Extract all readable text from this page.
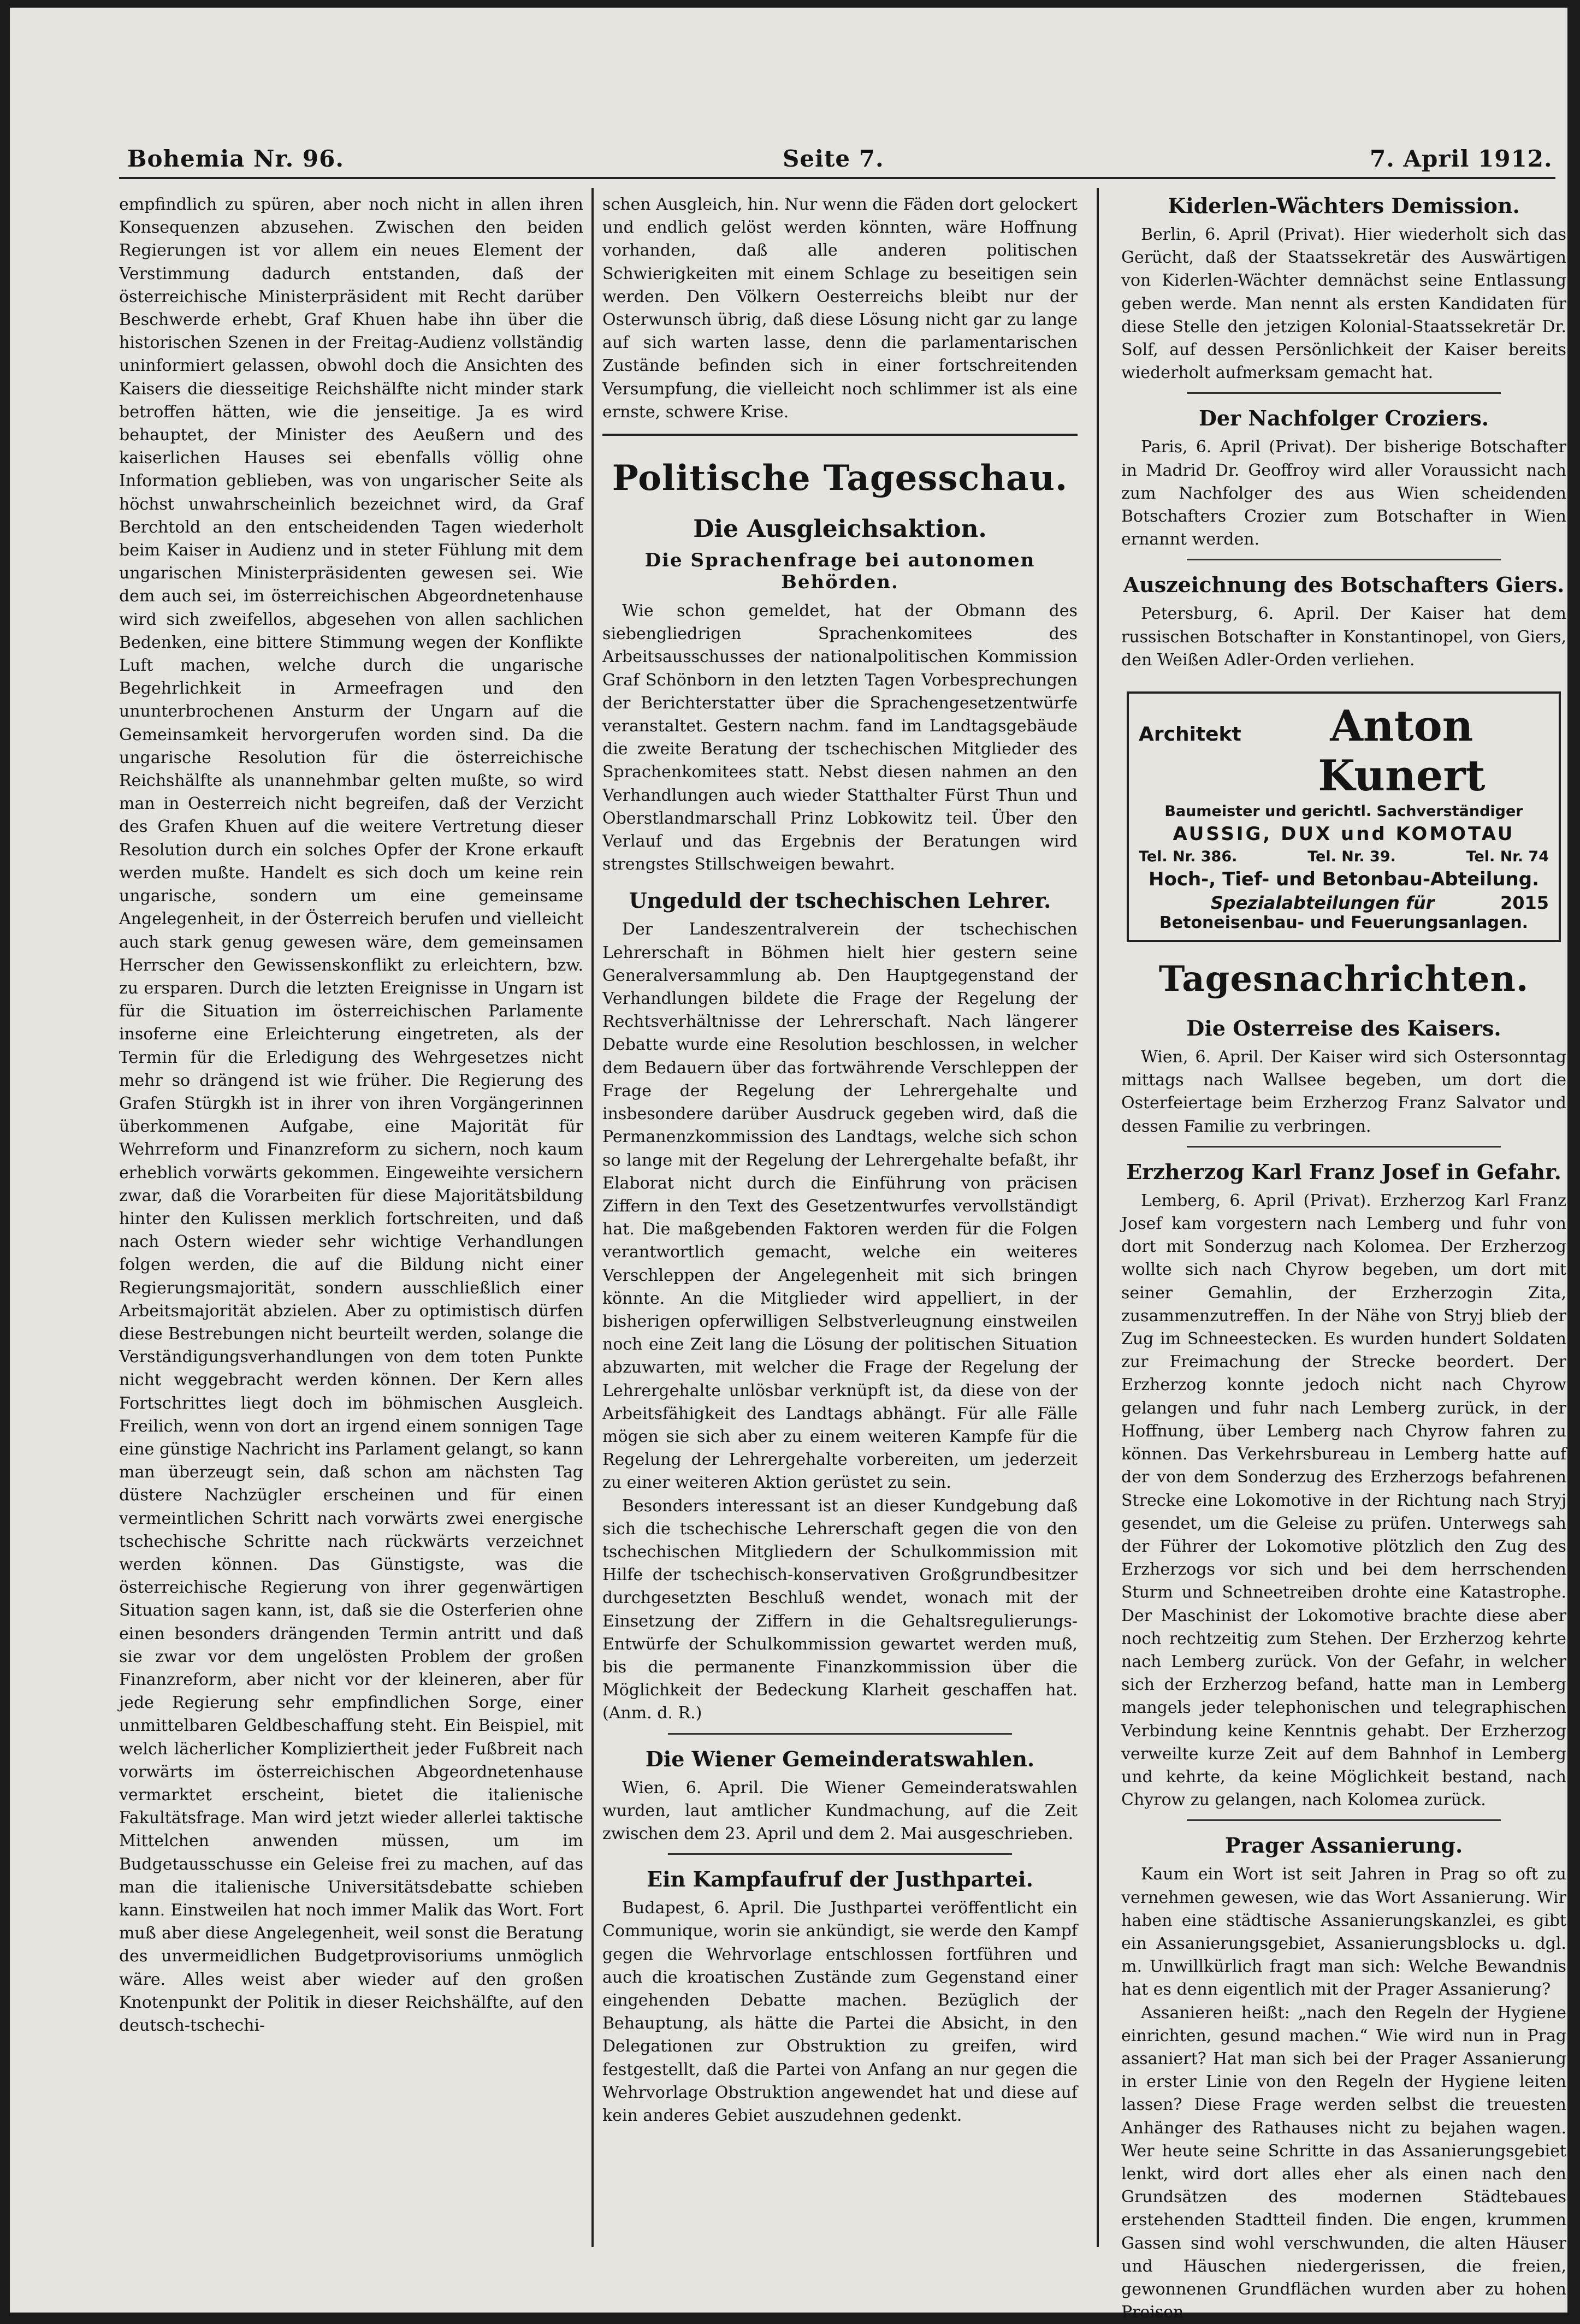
Bohemia Nr. 96.	Seite 7.	7. April 1912.

empfindlich zu spüren, aber noch nicht in allen ihren Konsequenzen abzusehen. Zwischen den beiden Regierungen ist vor allem ein neues Element der Verstimmung dadurch entstanden, daß der österreichische Ministerpräsident mit Recht darüber Beschwerde erhebt, Graf Khuen habe ihn über die historischen Szenen in der Freitag-Audienz vollständig uninformiert gelassen, obwohl doch die Ansichten des Kaisers die diesseitige Reichshälfte nicht minder stark betroffen hätten, wie die jenseitige. Ja es wird behauptet, der Minister des Aeußern und des kaiserlichen Hauses sei ebenfalls völlig ohne Information geblieben, was von ungarischer Seite als höchst unwahrscheinlich bezeichnet wird, da Graf Berchtold an den entscheidenden Tagen wiederholt beim Kaiser in Audienz und in steter Fühlung mit dem ungarischen Ministerpräsidenten gewesen sei. Wie dem auch sei, im österreichischen Abgeordnetenhause wird sich zweifellos, abgesehen von allen sachlichen Bedenken, eine bittere Stimmung wegen der Konflikte Luft machen, welche durch die ungarische Begehrlichkeit in Armeefragen und den ununterbrochenen Ansturm der Ungarn auf die Gemeinsamkeit hervorgerufen worden sind. Da die ungarische Resolution für die österreichische Reichshälfte als unannehmbar gelten mußte, so wird man in Oesterreich nicht begreifen, daß der Verzicht des Grafen Khuen auf die weitere Vertretung dieser Resolution durch ein solches Opfer der Krone erkauft werden mußte. Handelt es sich doch um keine rein ungarische, sondern um eine gemeinsame Angelegenheit, in der Österreich berufen und vielleicht auch stark genug gewesen wäre, dem gemeinsamen Herrscher den Gewissenskonflikt zu erleichtern, bzw. zu ersparen. Durch die letzten Ereignisse in Ungarn ist für die Situation im österreichischen Parlamente insoferne eine Erleichterung eingetreten, als der Termin für die Erledigung des Wehrgesetzes nicht mehr so drängend ist wie früher. Die Regierung des Grafen Stürgkh ist in ihrer von ihren Vorgängerinnen überkommenen Aufgabe, eine Majorität für Wehrreform und Finanzreform zu sichern, noch kaum erheblich vorwärts gekommen. Eingeweihte versichern zwar, daß die Vorarbeiten für diese Majoritätsbildung hinter den Kulissen merklich fortschreiten, und daß nach Ostern wieder sehr wichtige Verhandlungen folgen werden, die auf die Bildung nicht einer Regierungsmajorität, sondern ausschließlich einer Arbeitsmajorität abzielen. Aber zu optimistisch dürfen diese Bestrebungen nicht beurteilt werden, solange die Verständigungsverhandlungen von dem toten Punkte nicht weggebracht werden können. Der Kern alles Fortschrittes liegt doch im böhmischen Ausgleich. Freilich, wenn von dort an irgend einem sonnigen Tage eine günstige Nachricht ins Parlament gelangt, so kann man überzeugt sein, daß schon am nächsten Tag düstere Nachzügler erscheinen und für einen vermeintlichen Schritt nach vorwärts zwei energische tschechische Schritte nach rückwärts verzeichnet werden können. Das Günstigste, was die österreichische Regierung von ihrer gegenwärtigen Situation sagen kann, ist, daß sie die Osterferien ohne einen besonders drängenden Termin antritt und daß sie zwar vor dem ungelösten Problem der großen Finanzreform, aber nicht vor der kleineren, aber für jede Regierung sehr empfindlichen Sorge, einer unmittelbaren Geldbeschaffung steht. Ein Beispiel, mit welch lächerlicher Kompliziertheit jeder Fußbreit nach vorwärts im österreichischen Abgeordnetenhause vermarktet erscheint, bietet die italienische Fakultätsfrage. Man wird jetzt wieder allerlei taktische Mittelchen anwenden müssen, um im Budgetausschusse ein Geleise frei zu machen, auf das man die italienische Universitätsdebatte schieben kann. Einstweilen hat noch immer Malik das Wort. Fort muß aber diese Angelegenheit, weil sonst die Beratung des unvermeidlichen Budgetprovisoriums unmöglich wäre. Alles weist aber wieder auf den großen Knotenpunkt der Politik in dieser Reichshälfte, auf den deutsch-tschechi-

schen Ausgleich, hin. Nur wenn die Fäden dort gelockert und endlich gelöst werden könnten, wäre Hoffnung vorhanden, daß alle anderen politischen Schwierigkeiten mit einem Schlage zu beseitigen sein werden. Den Völkern Oesterreichs bleibt nur der Osterwunsch übrig, daß diese Lösung nicht gar zu lange auf sich warten lasse, denn die parlamentarischen Zustände befinden sich in einer fortschreitenden Versumpfung, die vielleicht noch schlimmer ist als eine ernste, schwere Krise.

Politische Tagesschau.
Die Ausgleichsaktion.
Die Sprachenfrage bei autonomen Behörden.

Wie schon gemeldet, hat der Obmann des siebengliedrigen Sprachenkomitees des Arbeitsausschusses der nationalpolitischen Kommission Graf Schönborn in den letzten Tagen Vorbesprechungen der Berichterstatter über die Sprachengesetzentwürfe veranstaltet. Gestern nachm. fand im Landtagsgebäude die zweite Beratung der tschechischen Mitglieder des Sprachenkomitees statt. Nebst diesen nahmen an den Verhandlungen auch wieder Statthalter Fürst Thun und Oberstlandmarschall Prinz Lobkowitz teil. Über den Verlauf und das Ergebnis der Beratungen wird strengstes Stillschweigen bewahrt.

Ungeduld der tschechischen Lehrer.

Der Landeszentralverein der tschechischen Lehrerschaft in Böhmen hielt hier gestern seine Generalversammlung ab. Den Hauptgegenstand der Verhandlungen bildete die Frage der Regelung der Rechtsverhältnisse der Lehrerschaft. Nach längerer Debatte wurde eine Resolution beschlossen, in welcher dem Bedauern über das fortwährende Verschleppen der Frage der Regelung der Lehrergehalte und insbesondere darüber Ausdruck gegeben wird, daß die Permanenzkommission des Landtags, welche sich schon so lange mit der Regelung der Lehrergehalte befaßt, ihr Elaborat nicht durch die Einführung von präcisen Ziffern in den Text des Gesetzentwurfes vervollständigt hat. Die maßgebenden Faktoren werden für die Folgen verantwortlich gemacht, welche ein weiteres Verschleppen der Angelegenheit mit sich bringen könnte. An die Mitglieder wird appelliert, in der bisherigen opferwilligen Selbstverleugnung einstweilen noch eine Zeit lang die Lösung der politischen Situation abzuwarten, mit welcher die Frage der Regelung der Lehrergehalte unlösbar verknüpft ist, da diese von der Arbeitsfähigkeit des Landtags abhängt. Für alle Fälle mögen sie sich aber zu einem weiteren Kampfe für die Regelung der Lehrergehalte vorbereiten, um jederzeit zu einer weiteren Aktion gerüstet zu sein.

Besonders interessant ist an dieser Kundgebung daß sich die tschechische Lehrerschaft gegen die von den tschechischen Mitgliedern der Schulkommission mit Hilfe der tschechisch-konservativen Großgrundbesitzer durchgesetzten Beschluß wendet, wonach mit der Einsetzung der Ziffern in die Gehaltsregulierungs-Entwürfe der Schulkommission gewartet werden muß, bis die permanente Finanzkommission über die Möglichkeit der Bedeckung Klarheit geschaffen hat. (Anm. d. R.)

Die Wiener Gemeinderatswahlen.

Wien, 6. April. Die Wiener Gemeinderatswahlen wurden, laut amtlicher Kundmachung, auf die Zeit zwischen dem 23. April und dem 2. Mai ausgeschrieben.

Ein Kampfaufruf der Justhpartei.

Budapest, 6. April. Die Justhpartei veröffentlicht ein Communique, worin sie ankündigt, sie werde den Kampf gegen die Wehrvorlage entschlossen fortführen und auch die kroatischen Zustände zum Gegenstand einer eingehenden Debatte machen. Bezüglich der Behauptung, als hätte die Partei die Absicht, in den Delegationen zur Obstruktion zu greifen, wird festgestellt, daß die Partei von Anfang an nur gegen die Wehrvorlage Obstruktion angewendet hat und diese auf kein anderes Gebiet auszudehnen gedenkt.

Kiderlen-Wächters Demission.

Berlin, 6. April (Privat). Hier wiederholt sich das Gerücht, daß der Staatssekretär des Auswärtigen von Kiderlen-Wächter demnächst seine Entlassung geben werde. Man nennt als ersten Kandidaten für diese Stelle den jetzigen Kolonial-Staatssekretär Dr. Solf, auf dessen Persönlichkeit der Kaiser bereits wiederholt aufmerksam gemacht hat.

Der Nachfolger Croziers.

Paris, 6. April (Privat). Der bisherige Botschafter in Madrid Dr. Geoffroy wird aller Voraussicht nach zum Nachfolger des aus Wien scheidenden Botschafters Crozier zum Botschafter in Wien ernannt werden.

Auszeichnung des Botschafters Giers.

Petersburg, 6. April. Der Kaiser hat dem russischen Botschafter in Konstantinopel, von Giers, den Weißen Adler-Orden verliehen.

Architekt	Anton Kunert
Baumeister und gerichtl. Sachverständiger
AUSSIG, DUX und KOMOTAU
Tel. Nr. 386.	Tel. Nr. 39.	Tel. Nr. 74
Hoch-, Tief- und Betonbau-Abteilung.

Spezialabteilungen für	2015
Betoneisenbau- und Feuerungsanlagen.
Tagesnachrichten.
Die Osterreise des Kaisers.

Wien, 6. April. Der Kaiser wird sich Ostersonntag mittags nach Wallsee begeben, um dort die Osterfeiertage beim Erzherzog Franz Salvator und dessen Familie zu verbringen.

Erzherzog Karl Franz Josef in Gefahr.

Lemberg, 6. April (Privat). Erzherzog Karl Franz Josef kam vorgestern nach Lemberg und fuhr von dort mit Sonderzug nach Kolomea. Der Erzherzog wollte sich nach Chyrow begeben, um dort mit seiner Gemahlin, der Erzherzogin Zita, zusammenzutreffen. In der Nähe von Stryj blieb der Zug im Schneestecken. Es wurden hundert Soldaten zur Freimachung der Strecke beordert. Der Erzherzog konnte jedoch nicht nach Chyrow gelangen und fuhr nach Lemberg zurück, in der Hoffnung, über Lemberg nach Chyrow fahren zu können. Das Verkehrsbureau in Lemberg hatte auf der von dem Sonderzug des Erzherzogs befahrenen Strecke eine Lokomotive in der Richtung nach Stryj gesendet, um die Geleise zu prüfen. Unterwegs sah der Führer der Lokomotive plötzlich den Zug des Erzherzogs vor sich und bei dem herrschenden Sturm und Schneetreiben drohte eine Katastrophe. Der Maschinist der Lokomotive brachte diese aber noch rechtzeitig zum Stehen. Der Erzherzog kehrte nach Lemberg zurück. Von der Gefahr, in welcher sich der Erzherzog befand, hatte man in Lemberg mangels jeder telephonischen und telegraphischen Verbindung keine Kenntnis gehabt. Der Erzherzog verweilte kurze Zeit auf dem Bahnhof in Lemberg und kehrte, da keine Möglichkeit bestand, nach Chyrow zu gelangen, nach Kolomea zurück.

Prager Assanierung.

Kaum ein Wort ist seit Jahren in Prag so oft zu vernehmen gewesen, wie das Wort Assanierung. Wir haben eine städtische Assanierungskanzlei, es gibt ein Assanierungsgebiet, Assanierungsblocks u. dgl. m. Unwillkürlich fragt man sich: Welche Bewandnis hat es denn eigentlich mit der Prager Assanierung?

Assanieren heißt: „nach den Regeln der Hygiene einrichten, gesund machen.“ Wie wird nun in Prag assaniert? Hat man sich bei der Prager Assanierung in erster Linie von den Regeln der Hygiene leiten lassen? Diese Frage werden selbst die treuesten Anhänger des Rathauses nicht zu bejahen wagen. Wer heute seine Schritte in das Assanierungsgebiet lenkt, wird dort alles eher als einen nach den Grundsätzen des modernen Städtebaues erstehenden Stadtteil finden. Die engen, krummen Gassen sind wohl verschwunden, die alten Häuser und Häuschen niedergerissen, die freien, gewonnenen Grundflächen wurden aber zu hohen Preisen
